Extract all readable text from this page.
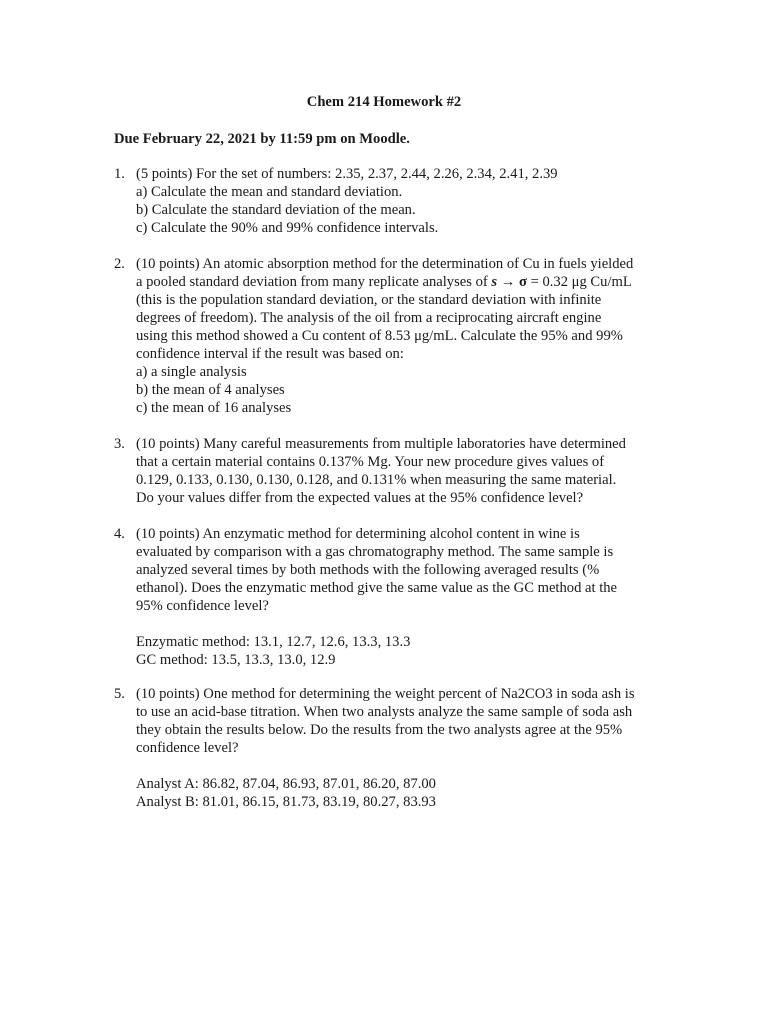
Chem 214 Homework #2
Due February 22, 2021 by 11:59 pm on Moodle.
1. (5 points) For the set of numbers: 2.35, 2.37, 2.44, 2.26, 2.34, 2.41, 2.39
a) Calculate the mean and standard deviation.
b) Calculate the standard deviation of the mean.
c) Calculate the 90% and 99% confidence intervals.
2. (10 points) An atomic absorption method for the determination of Cu in fuels yielded
a pooled standard deviation from many replicate analyses of s → σ = 0.32 μg Cu/mL
(this is the population standard deviation, or the standard deviation with infinite
degrees of freedom). The analysis of the oil from a reciprocating aircraft engine
using this method showed a Cu content of 8.53 μg/mL. Calculate the 95% and 99%
confidence interval if the result was based on:
a) a single analysis
b) the mean of 4 analyses
c) the mean of 16 analyses
3. (10 points) Many careful measurements from multiple laboratories have determined
that a certain material contains 0.137% Mg. Your new procedure gives values of
0.129, 0.133, 0.130, 0.130, 0.128, and 0.131% when measuring the same material.
Do your values differ from the expected values at the 95% confidence level?
4. (10 points) An enzymatic method for determining alcohol content in wine is
evaluated by comparison with a gas chromatography method. The same sample is
analyzed several times by both methods with the following averaged results (%
ethanol). Does the enzymatic method give the same value as the GC method at the
95% confidence level?
Enzymatic method: 13.1, 12.7, 12.6, 13.3, 13.3
GC method: 13.5, 13.3, 13.0, 12.9
5. (10 points) One method for determining the weight percent of Na2CO3 in soda ash is
to use an acid-base titration. When two analysts analyze the same sample of soda ash
they obtain the results below. Do the results from the two analysts agree at the 95%
confidence level?
Analyst A: 86.82, 87.04, 86.93, 87.01, 86.20, 87.00
Analyst B: 81.01, 86.15, 81.73, 83.19, 80.27, 83.93
